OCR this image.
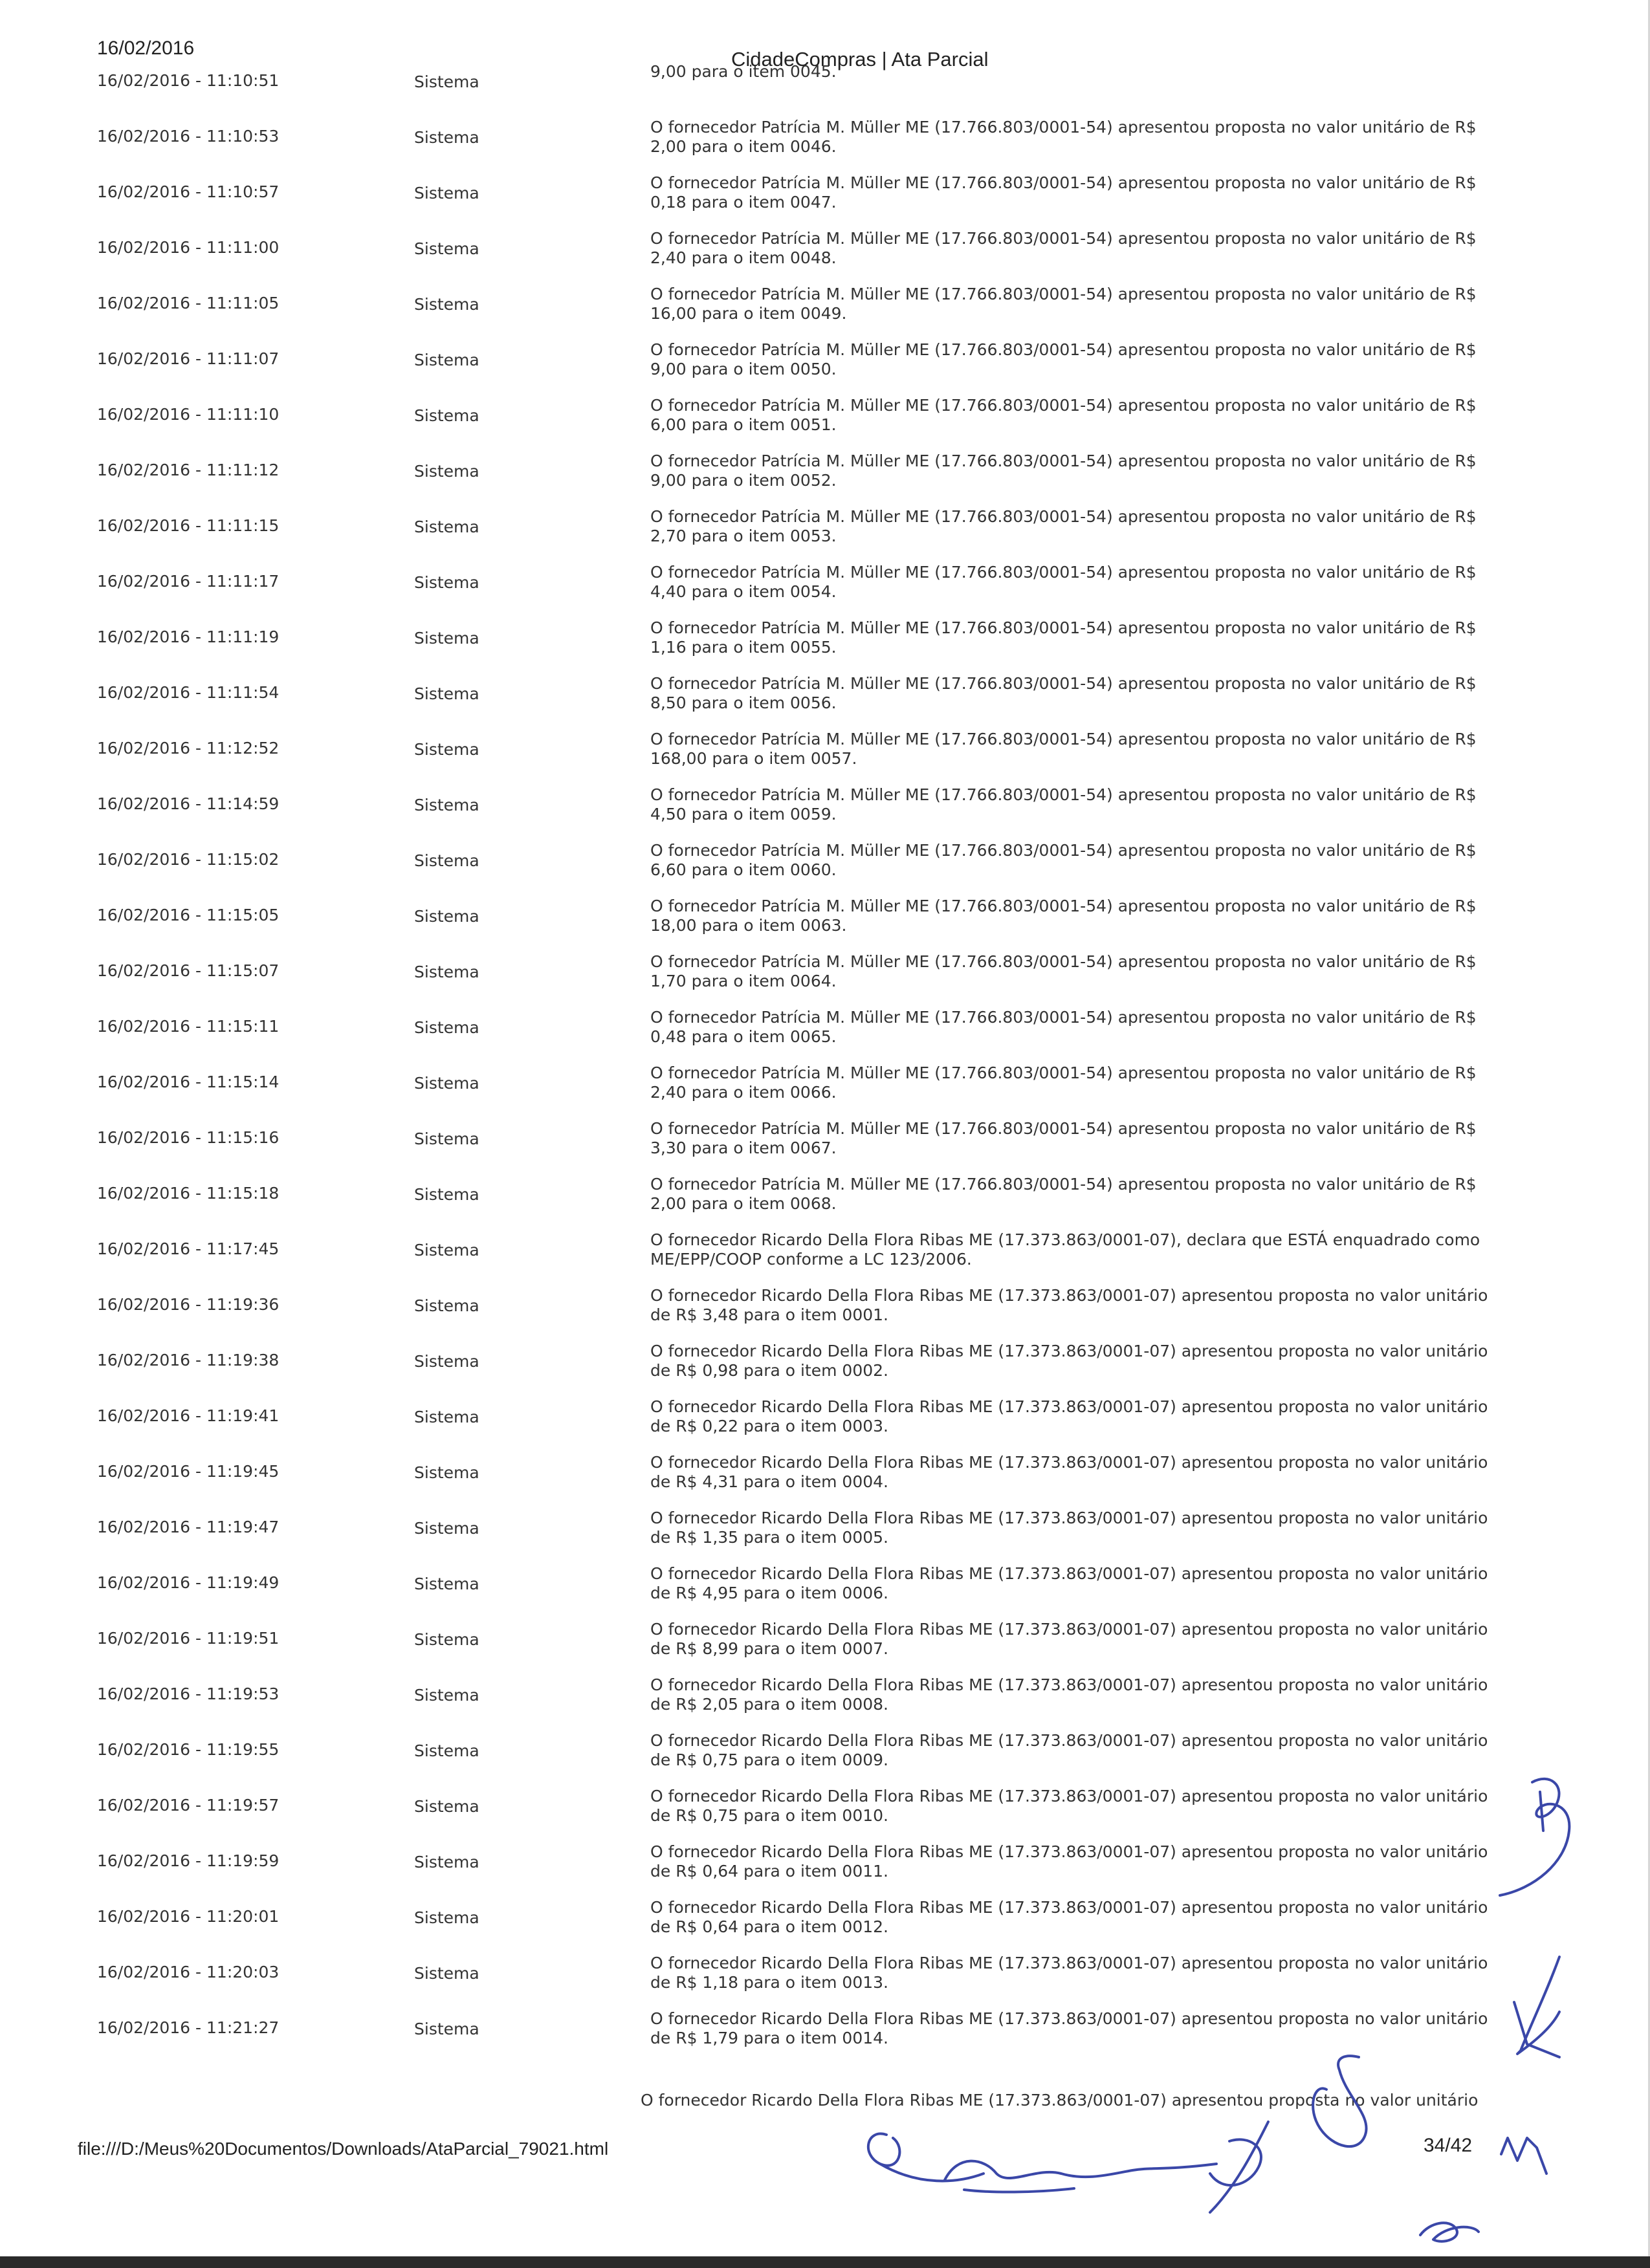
16/02/2016	CidadeCompras | Ata Parcial
16/02/2016 - 11:10:51	Sistema
9,00 para o item 0045.
16/02/2016 - 11:10:53	Sistema
O fornecedor Patrícia M. Müller ME (17.766.803/0001-54) apresentou proposta no valor unitário de R$ 2,00 para o item 0046.
16/02/2016 - 11:10:57	Sistema
O fornecedor Patrícia M. Müller ME (17.766.803/0001-54) apresentou proposta no valor unitário de R$ 0,18 para o item 0047.
16/02/2016 - 11:11:00	Sistema
O fornecedor Patrícia M. Müller ME (17.766.803/0001-54) apresentou proposta no valor unitário de R$ 2,40 para o item 0048.
16/02/2016 - 11:11:05	Sistema
O fornecedor Patrícia M. Müller ME (17.766.803/0001-54) apresentou proposta no valor unitário de R$ 16,00 para o item 0049.
16/02/2016 - 11:11:07	Sistema
O fornecedor Patrícia M. Müller ME (17.766.803/0001-54) apresentou proposta no valor unitário de R$ 9,00 para o item 0050.
16/02/2016 - 11:11:10	Sistema
O fornecedor Patrícia M. Müller ME (17.766.803/0001-54) apresentou proposta no valor unitário de R$ 6,00 para o item 0051.
16/02/2016 - 11:11:12	Sistema
O fornecedor Patrícia M. Müller ME (17.766.803/0001-54) apresentou proposta no valor unitário de R$ 9,00 para o item 0052.
16/02/2016 - 11:11:15	Sistema
O fornecedor Patrícia M. Müller ME (17.766.803/0001-54) apresentou proposta no valor unitário de R$ 2,70 para o item 0053.
16/02/2016 - 11:11:17	Sistema
O fornecedor Patrícia M. Müller ME (17.766.803/0001-54) apresentou proposta no valor unitário de R$ 4,40 para o item 0054.
16/02/2016 - 11:11:19	Sistema
O fornecedor Patrícia M. Müller ME (17.766.803/0001-54) apresentou proposta no valor unitário de R$ 1,16 para o item 0055.
16/02/2016 - 11:11:54	Sistema
O fornecedor Patrícia M. Müller ME (17.766.803/0001-54) apresentou proposta no valor unitário de R$ 8,50 para o item 0056.
16/02/2016 - 11:12:52	Sistema
O fornecedor Patrícia M. Müller ME (17.766.803/0001-54) apresentou proposta no valor unitário de R$ 168,00 para o item 0057.
16/02/2016 - 11:14:59	Sistema
O fornecedor Patrícia M. Müller ME (17.766.803/0001-54) apresentou proposta no valor unitário de R$ 4,50 para o item 0059.
16/02/2016 - 11:15:02	Sistema
O fornecedor Patrícia M. Müller ME (17.766.803/0001-54) apresentou proposta no valor unitário de R$ 6,60 para o item 0060.
16/02/2016 - 11:15:05	Sistema
O fornecedor Patrícia M. Müller ME (17.766.803/0001-54) apresentou proposta no valor unitário de R$ 18,00 para o item 0063.
16/02/2016 - 11:15:07	Sistema
O fornecedor Patrícia M. Müller ME (17.766.803/0001-54) apresentou proposta no valor unitário de R$ 1,70 para o item 0064.
16/02/2016 - 11:15:11	Sistema
O fornecedor Patrícia M. Müller ME (17.766.803/0001-54) apresentou proposta no valor unitário de R$ 0,48 para o item 0065.
16/02/2016 - 11:15:14	Sistema
O fornecedor Patrícia M. Müller ME (17.766.803/0001-54) apresentou proposta no valor unitário de R$ 2,40 para o item 0066.
16/02/2016 - 11:15:16	Sistema
O fornecedor Patrícia M. Müller ME (17.766.803/0001-54) apresentou proposta no valor unitário de R$ 3,30 para o item 0067.
16/02/2016 - 11:15:18	Sistema
O fornecedor Patrícia M. Müller ME (17.766.803/0001-54) apresentou proposta no valor unitário de R$ 2,00 para o item 0068.
16/02/2016 - 11:17:45	Sistema
O fornecedor Ricardo Della Flora Ribas ME (17.373.863/0001-07), declara que ESTÁ enquadrado como ME/EPP/COOP conforme a LC 123/2006.
16/02/2016 - 11:19:36	Sistema
O fornecedor Ricardo Della Flora Ribas ME (17.373.863/0001-07) apresentou proposta no valor unitário de R$ 3,48 para o item 0001.
16/02/2016 - 11:19:38	Sistema
O fornecedor Ricardo Della Flora Ribas ME (17.373.863/0001-07) apresentou proposta no valor unitário de R$ 0,98 para o item 0002.
16/02/2016 - 11:19:41	Sistema
O fornecedor Ricardo Della Flora Ribas ME (17.373.863/0001-07) apresentou proposta no valor unitário de R$ 0,22 para o item 0003.
16/02/2016 - 11:19:45	Sistema
O fornecedor Ricardo Della Flora Ribas ME (17.373.863/0001-07) apresentou proposta no valor unitário de R$ 4,31 para o item 0004.
16/02/2016 - 11:19:47	Sistema
O fornecedor Ricardo Della Flora Ribas ME (17.373.863/0001-07) apresentou proposta no valor unitário de R$ 1,35 para o item 0005.
16/02/2016 - 11:19:49	Sistema
O fornecedor Ricardo Della Flora Ribas ME (17.373.863/0001-07) apresentou proposta no valor unitário de R$ 4,95 para o item 0006.
16/02/2016 - 11:19:51	Sistema
O fornecedor Ricardo Della Flora Ribas ME (17.373.863/0001-07) apresentou proposta no valor unitário de R$ 8,99 para o item 0007.
16/02/2016 - 11:19:53	Sistema
O fornecedor Ricardo Della Flora Ribas ME (17.373.863/0001-07) apresentou proposta no valor unitário de R$ 2,05 para o item 0008.
16/02/2016 - 11:19:55	Sistema
O fornecedor Ricardo Della Flora Ribas ME (17.373.863/0001-07) apresentou proposta no valor unitário de R$ 0,75 para o item 0009.
16/02/2016 - 11:19:57	Sistema
O fornecedor Ricardo Della Flora Ribas ME (17.373.863/0001-07) apresentou proposta no valor unitário de R$ 0,75 para o item 0010.
16/02/2016 - 11:19:59	Sistema
O fornecedor Ricardo Della Flora Ribas ME (17.373.863/0001-07) apresentou proposta no valor unitário de R$ 0,64 para o item 0011.
16/02/2016 - 11:20:01	Sistema
O fornecedor Ricardo Della Flora Ribas ME (17.373.863/0001-07) apresentou proposta no valor unitário de R$ 0,64 para o item 0012.
16/02/2016 - 11:20:03	Sistema
O fornecedor Ricardo Della Flora Ribas ME (17.373.863/0001-07) apresentou proposta no valor unitário de R$ 1,18 para o item 0013.
16/02/2016 - 11:21:27	Sistema
O fornecedor Ricardo Della Flora Ribas ME (17.373.863/0001-07) apresentou proposta no valor unitário de R$ 1,79 para o item 0014.
O fornecedor Ricardo Della Flora Ribas ME (17.373.863/0001-07) apresentou proposta no valor unitário
file:///D:/Meus%20Documentos/Downloads/AtaParcial_79021.html	34/42
